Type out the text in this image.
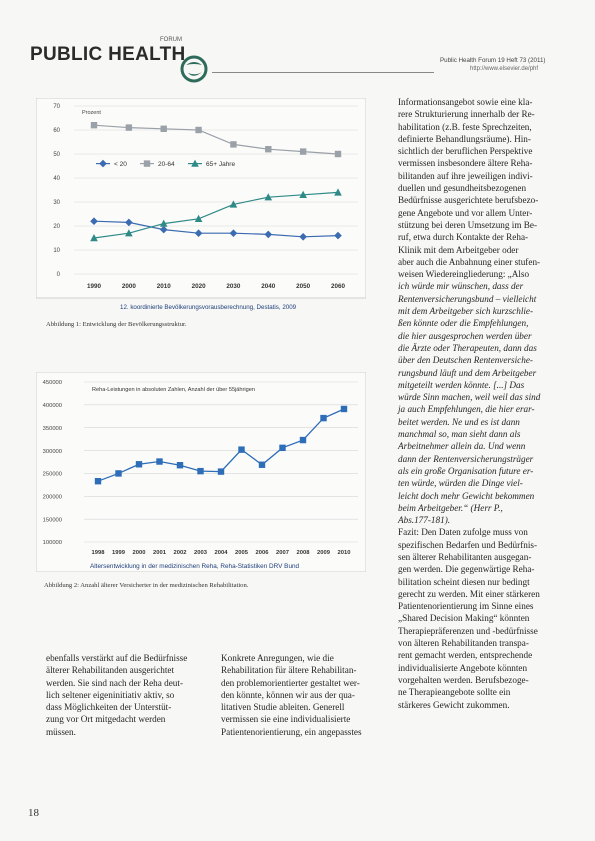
FORUM
PUBLIC HEALTH	Public Health Forum 19 Heft 73 (2011)
http://www.elsevier.de/phf
0
10
20
30
40
50
60
70
Prozent
1990	2000	2010	2020	2030	2040	2050	2060
< 20	20-64	65+ Jahre
12. koordinierte Bevölkerungsvorausberechnung, Destatis, 2009
Abbildung 1: Entwicklung der Bevölkerungsstruktur.
100000
150000
200000
250000
300000
350000
400000
450000
Reha-Leistungen in absoluten Zahlen, Anzahl der über 55jährigen
1998 1999 2000 2001 2002 2003 2004 2005 2006 2007 2008 2009 2010
Altersentwicklung in der medizinischen Reha, Reha-Statistiken DRV Bund
Abbildung 2: Anzahl älterer Versicherter in der medizinischen Rehabilitation.

ebenfalls verstärkt auf die Bedürfnisse

älterer Rehabilitanden ausgerichtet

werden. Sie sind nach der Reha deut-

lich seltener eigeninitiativ aktiv, so

dass Möglichkeiten der Unterstüt-

zung vor Ort mitgedacht werden

müssen.

Konkrete Anregungen, wie die

Rehabilitation für ältere Rehabilitan-

den problemorientierter gestaltet wer-

den könnte, können wir aus der qua-

litativen Studie ableiten. Generell

vermissen sie eine individualisierte

Patientenorientierung, ein angepasstes

Informationsangebot sowie eine kla-

rere Strukturierung innerhalb der Re-

habilitation (z.B. feste Sprechzeiten,

definierte Behandlungsräume). Hin-

sichtlich der beruflichen Perspektive

vermissen insbesondere ältere Reha-

bilitanden auf ihre jeweiligen indivi-

duellen und gesundheitsbezogenen

Bedürfnisse ausgerichtete berufsbezo-

gene Angebote und vor allem Unter-

stützung bei deren Umsetzung im Be-

ruf, etwa durch Kontakte der Reha-

Klinik mit dem Arbeitgeber oder

aber auch die Anbahnung einer stufen-

weisen Wiedereingliederung: „Also

ich würde mir wünschen, dass der

Rentenversicherungsbund – vielleicht

mit dem Arbeitgeber sich kurzschlie-

ßen könnte oder die Empfehlungen,

die hier ausgesprochen werden über

die Ärzte oder Therapeuten, dann das

über den Deutschen Rentenversiche-

rungsbund läuft und dem Arbeitgeber

mitgeteilt werden könnte. [...] Das

würde Sinn machen, weil weil das sind

ja auch Empfehlungen, die hier erar-

beitet werden. Ne und es ist dann

manchmal so, man sieht dann als

Arbeitnehmer allein da. Und wenn

dann der Rentenversicherungsträger

als ein große Organisation future er-

ten würde, würden die Dinge viel-

leicht doch mehr Gewicht bekommen

beim Arbeitgeber.“ (Herr P.,

Abs.177-181).

Fazit: Den Daten zufolge muss von

spezifischen Bedarfen und Bedürfnis-

sen älterer Rehabilitanten ausgegan-

gen werden. Die gegenwärtige Reha-

bilitation scheint diesen nur bedingt

gerecht zu werden. Mit einer stärkeren

Patientenorientierung im Sinne eines

„Shared Decision Making“ könnten

Therapiepräferenzen und -bedürfnisse

von älteren Rehabilitanden transpa-

rent gemacht werden, entsprechende

individualisierte Angebote könnten

vorgehalten werden. Berufsbezoge-

ne Therapieangebote sollte ein

stärkeres Gewicht zukommen.

18
